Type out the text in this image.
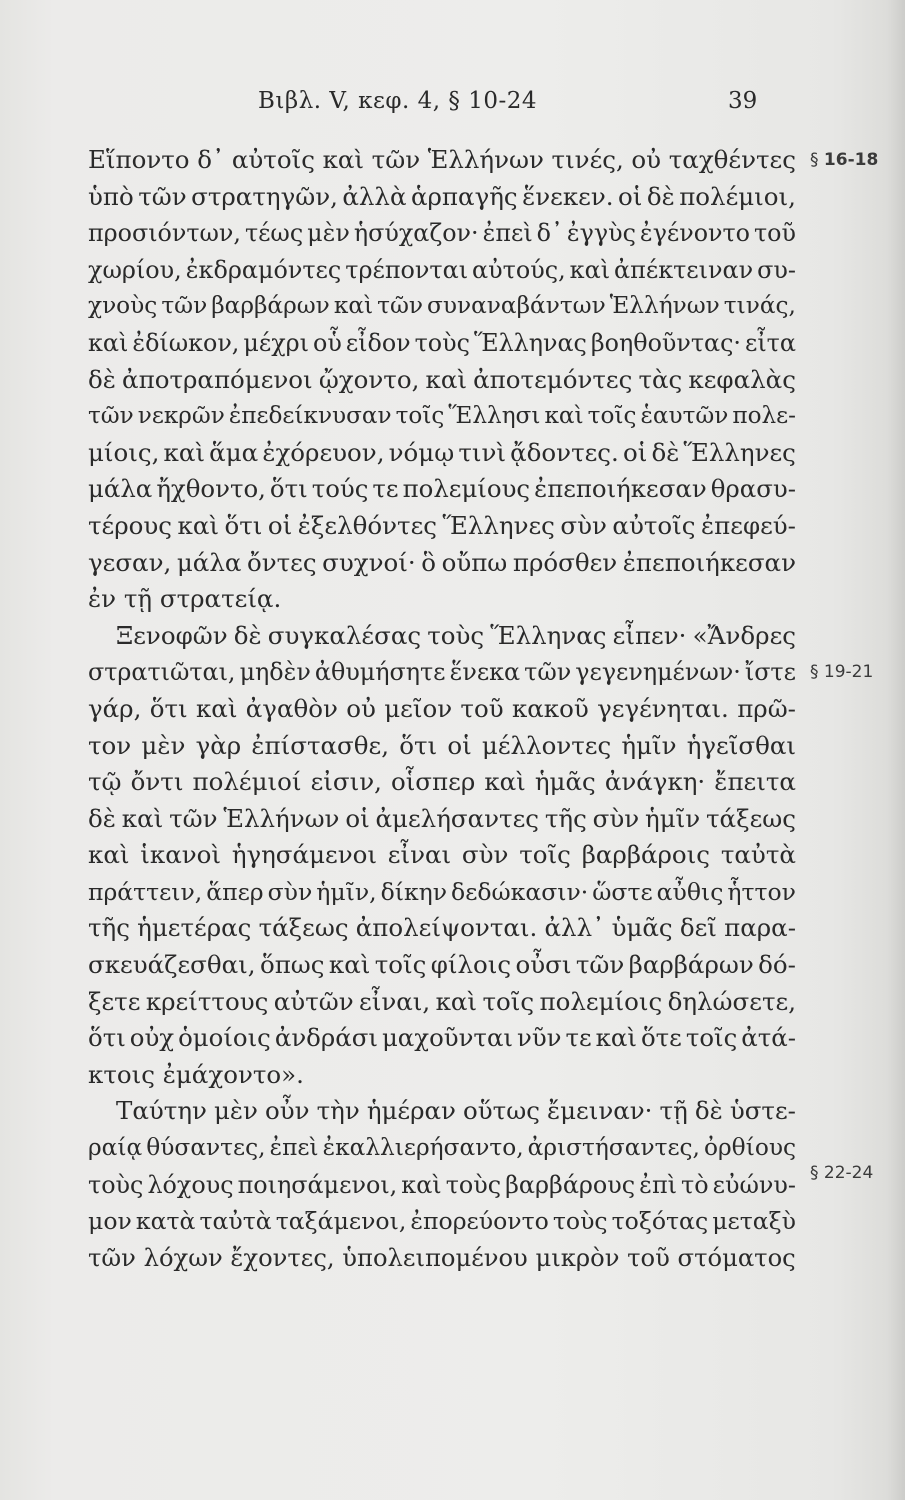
Βιβλ. V, κεφ. 4, § 10-24	39
Εἵποντο δ᾽ αὐτοῖς καὶ τῶν Ἑλλήνων τινές, οὐ ταχθέντες
ὑπὸ τῶν στρατηγῶν, ἀλλὰ ἁρπαγῆς ἕνεκεν. οἱ δὲ πολέμιοι,
προσιόντων, τέως μὲν ἡσύχαζον· ἐπεὶ δ᾽ ἐγγὺς ἐγένοντο τοῦ
χωρίου, ἐκδραμόντες τρέπονται αὐτούς, καὶ ἀπέκτειναν συ-
χνοὺς τῶν βαρβάρων καὶ τῶν συναναβάντων Ἑλλήνων τινάς,
καὶ ἐδίωκον, μέχρι οὗ εἶδον τοὺς Ἕλληνας βοηθοῦντας· εἶτα
δὲ ἀποτραπόμενοι ᾤχοντο, καὶ ἀποτεμόντες τὰς κεφαλὰς
τῶν νεκρῶν ἐπεδείκνυσαν τοῖς Ἕλλησι καὶ τοῖς ἑαυτῶν πολε-
μίοις, καὶ ἅμα ἐχόρευον, νόμῳ τινὶ ᾄδοντες. οἱ δὲ Ἕλληνες
μάλα ἤχθοντο, ὅτι τούς τε πολεμίους ἐπεποιήκεσαν θρασυ-
τέρους καὶ ὅτι οἱ ἐξελθόντες Ἕλληνες σὺν αὐτοῖς ἐπεφεύ-
γεσαν, μάλα ὄντες συχνοί· ὃ οὔπω πρόσθεν ἐπεποιήκεσαν
ἐν τῇ στρατείᾳ.
Ξενοφῶν δὲ συγκαλέσας τοὺς Ἕλληνας εἶπεν· «Ἄνδρες
στρατιῶται, μηδὲν ἀθυμήσητε ἕνεκα τῶν γεγενημένων· ἴστε
γάρ, ὅτι καὶ ἀγαθὸν οὐ μεῖον τοῦ κακοῦ γεγένηται. πρῶ-
τον μὲν γὰρ ἐπίστασθε, ὅτι οἱ μέλλοντες ἡμῖν ἡγεῖσθαι
τῷ ὄντι πολέμιοί εἰσιν, οἷσπερ καὶ ἡμᾶς ἀνάγκη· ἔπειτα
δὲ καὶ τῶν Ἑλλήνων οἱ ἀμελήσαντες τῆς σὺν ἡμῖν τάξεως
καὶ ἱκανοὶ ἡγησάμενοι εἶναι σὺν τοῖς βαρβάροις ταὐτὰ
πράττειν, ἅπερ σὺν ἡμῖν, δίκην δεδώκασιν· ὥστε αὖθις ἧττον
τῆς ἡμετέρας τάξεως ἀπολείψονται. ἀλλ᾽ ὑμᾶς δεῖ παρα-
σκευάζεσθαι, ὅπως καὶ τοῖς φίλοις οὖσι τῶν βαρβάρων δό-
ξετε κρείττους αὐτῶν εἶναι, καὶ τοῖς πολεμίοις δηλώσετε,
ὅτι οὐχ ὁμοίοις ἀνδράσι μαχοῦνται νῦν τε καὶ ὅτε τοῖς ἀτά-
κτοις ἐμάχοντο».
Ταύτην μὲν οὖν τὴν ἡμέραν οὕτως ἔμειναν· τῇ δὲ ὑστε-
ραίᾳ θύσαντες, ἐπεὶ ἐκαλλιερήσαντο, ἀριστήσαντες, ὀρθίους
τοὺς λόχους ποιησάμενοι, καὶ τοὺς βαρβάρους ἐπὶ τὸ εὐώνυ-
μον κατὰ ταὐτὰ ταξάμενοι, ἐπορεύοντο τοὺς τοξότας μεταξὺ
τῶν λόχων ἔχοντες, ὑπολειπομένου μικρὸν τοῦ στόματος
§ 16-18
§ 19-21
§ 22-24
